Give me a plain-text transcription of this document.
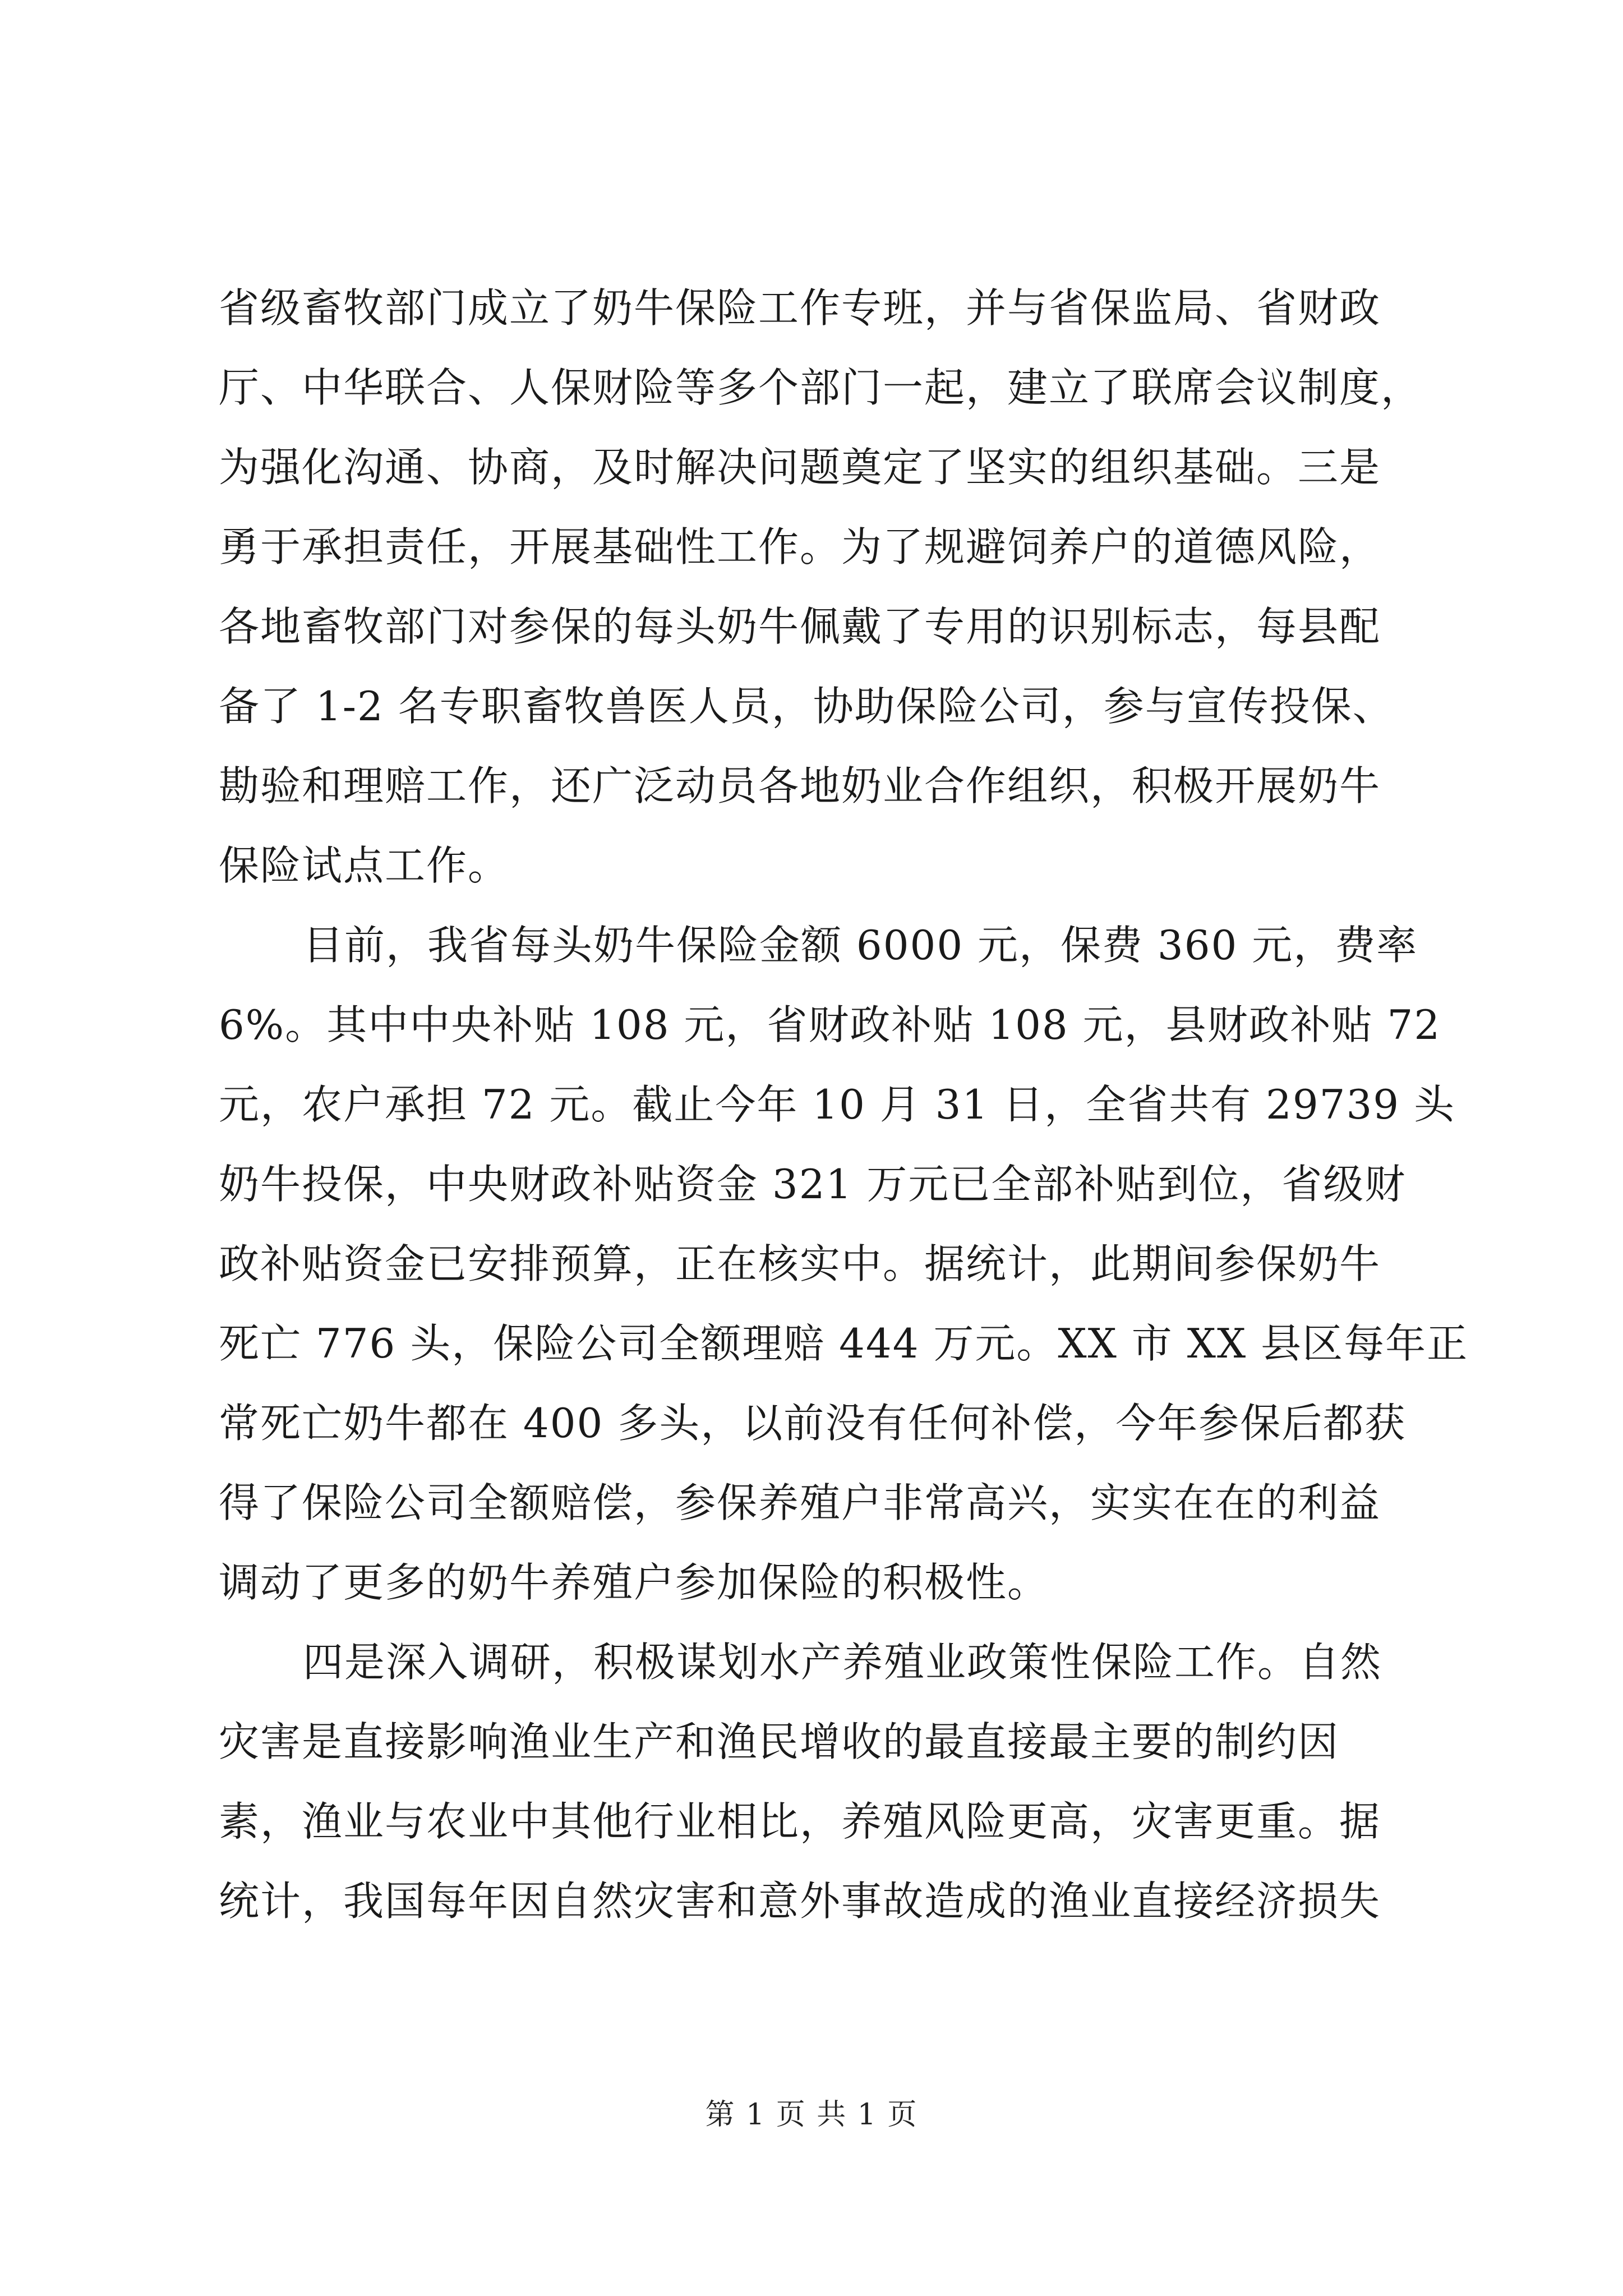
省级畜牧部门成立了奶牛保险工作专班，并与省保监局、省财政
厅、中华联合、人保财险等多个部门一起，建立了联席会议制度，
为强化沟通、协商，及时解决问题奠定了坚实的组织基础。三是
勇于承担责任，开展基础性工作。为了规避饲养户的道德风险，
各地畜牧部门对参保的每头奶牛佩戴了专用的识别标志，每县配
备了 1-2 名专职畜牧兽医人员，协助保险公司，参与宣传投保、
勘验和理赔工作，还广泛动员各地奶业合作组织，积极开展奶牛
保险试点工作。
目前，我省每头奶牛保险金额 6000 元，保费 360 元，费率
6%。其中中央补贴 108 元，省财政补贴 108 元，县财政补贴 72
元，农户承担 72 元。截止今年 10 月 31 日，全省共有 29739 头
奶牛投保，中央财政补贴资金 321 万元已全部补贴到位，省级财
政补贴资金已安排预算，正在核实中。据统计，此期间参保奶牛
死亡 776 头，保险公司全额理赔 444 万元。XX 市 XX 县区每年正
常死亡奶牛都在 400 多头，以前没有任何补偿，今年参保后都获
得了保险公司全额赔偿，参保养殖户非常高兴，实实在在的利益
调动了更多的奶牛养殖户参加保险的积极性。
四是深入调研，积极谋划水产养殖业政策性保险工作。自然
灾害是直接影响渔业生产和渔民增收的最直接最主要的制约因
素，渔业与农业中其他行业相比，养殖风险更高，灾害更重。据
统计，我国每年因自然灾害和意外事故造成的渔业直接经济损失
第 1 页 共 1 页
